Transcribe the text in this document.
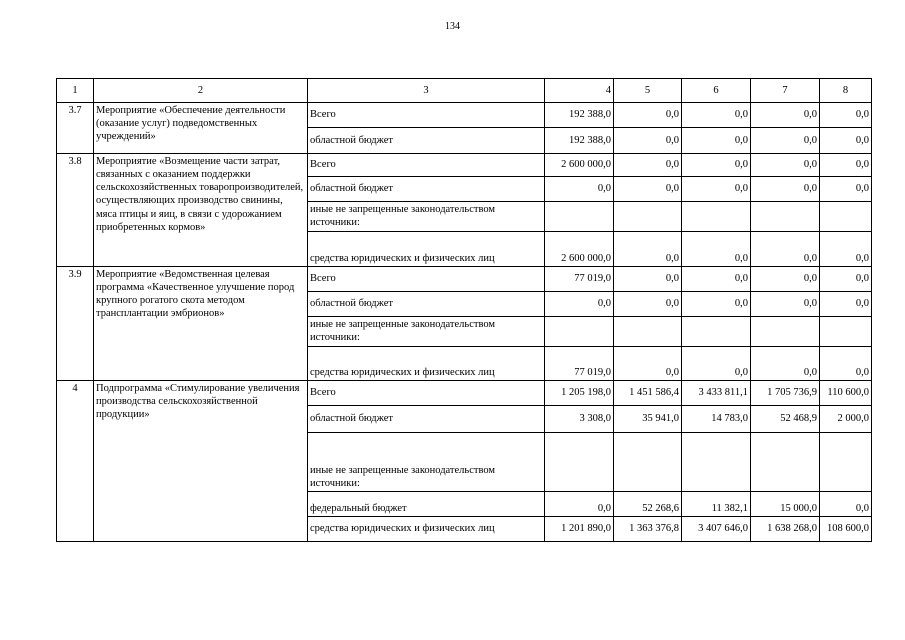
134
1	2	3	4	5	6	7	8
3.7	Мероприятие «Обеспечение деятельности (оказание услуг) подведомственных учреждений»	Всего	192 388,0	0,0	0,0	0,0	0,0
		областной бюджет	192 388,0	0,0	0,0	0,0	0,0
3.8	Мероприятие «Возмещение части затрат, связанных с оказанием поддержки сельскохозяйственных товаропроизводителей, осуществляющих производство свинины, мяса птицы и яиц, в связи с удорожанием приобретенных кормов»	Всего	2 600 000,0	0,0	0,0	0,0	0,0
		областной бюджет	0,0	0,0	0,0	0,0	0,0
		иные не запрещенные законодательством источники:					
		средства юридических и физических лиц	2 600 000,0	0,0	0,0	0,0	0,0
3.9	Мероприятие «Ведомственная целевая программа «Качественное улучшение пород крупного рогатого скота методом трансплантации эмбрионов»	Всего	77 019,0	0,0	0,0	0,0	0,0
		областной бюджет	0,0	0,0	0,0	0,0	0,0
		иные не запрещенные законодательством источники:					
		средства юридических и физических лиц	77 019,0	0,0	0,0	0,0	0,0
4	Подпрограмма «Стимулирование увеличения производства сельскохозяйственной продукции»	Всего	1 205 198,0	1 451 586,4	3 433 811,1	1 705 736,9	110 600,0
		областной бюджет	3 308,0	35 941,0	14 783,0	52 468,9	2 000,0
		иные не запрещенные законодательством источники:					
		федеральный бюджет	0,0	52 268,6	11 382,1	15 000,0	0,0
		средства юридических и физических лиц	1 201 890,0	1 363 376,8	3 407 646,0	1 638 268,0	108 600,0
